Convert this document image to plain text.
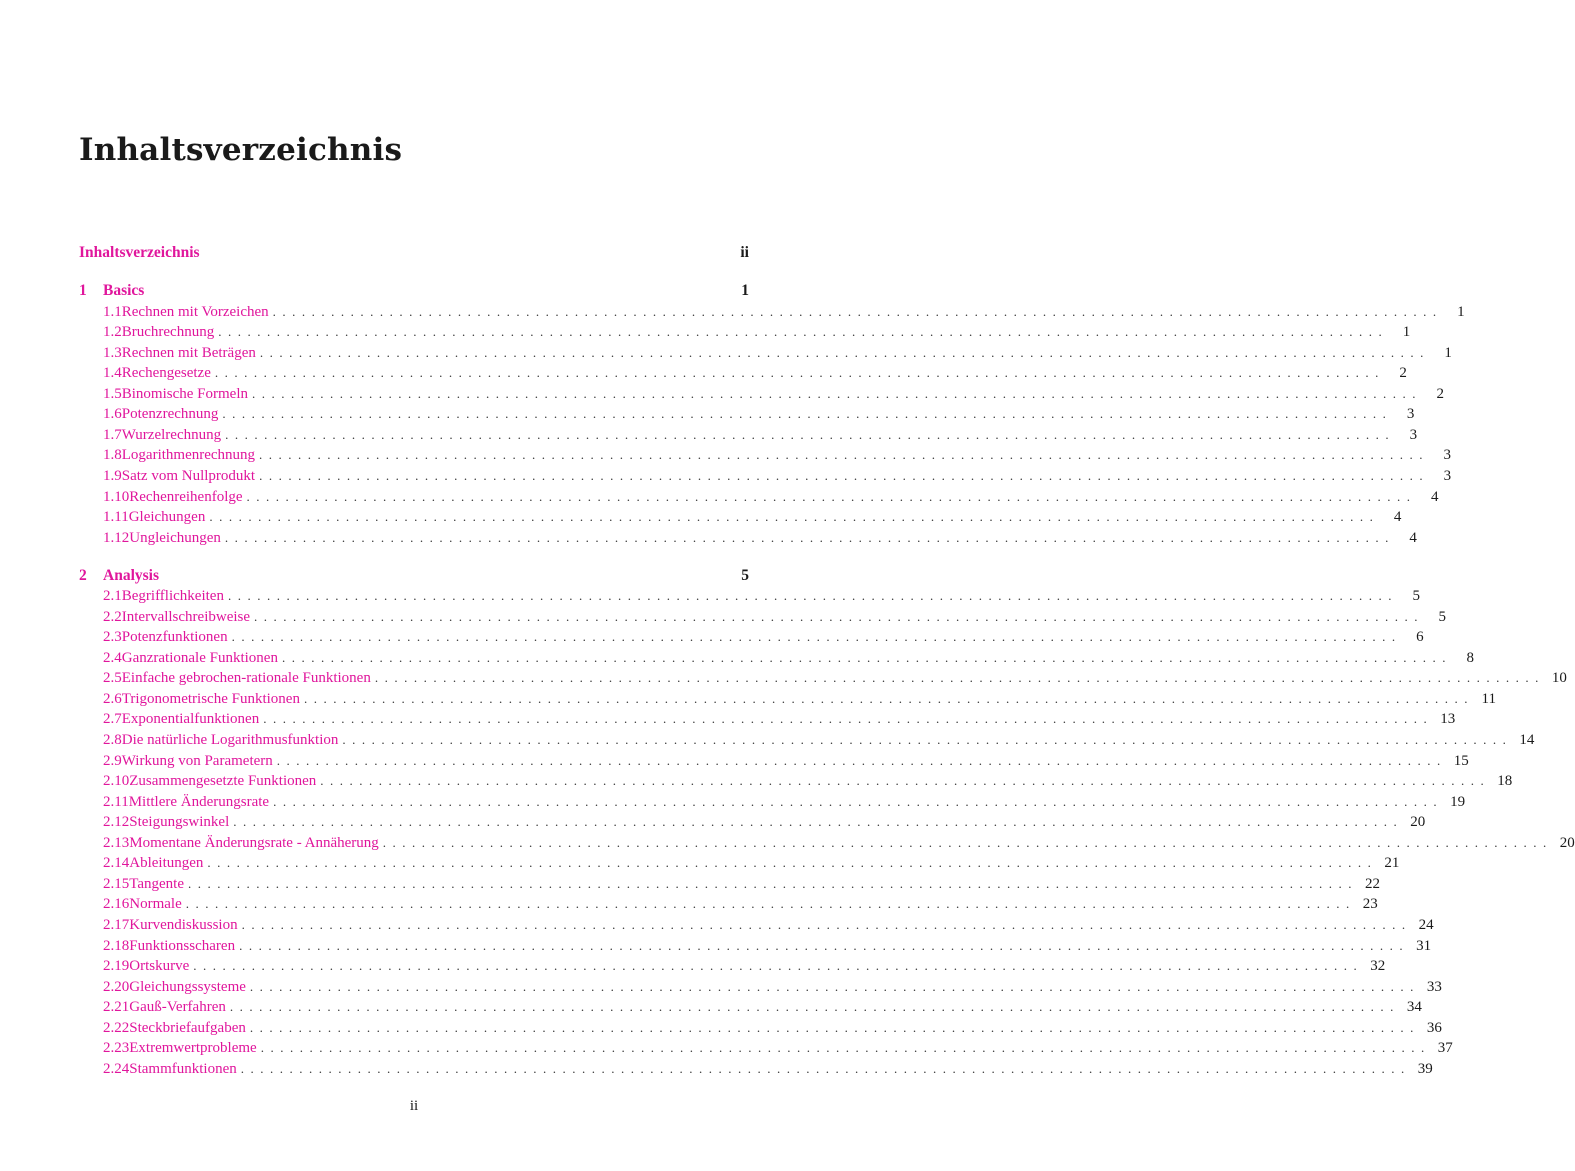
Inhaltsverzeichnis
Inhaltsverzeichnis	ii
1	Basics	1
1.1 Rechnen mit Vorzeichen ........................................................................................................................ 1
1.2 Bruchrechnung ........................................................................................................................ 1
1.3 Rechnen mit Beträgen ........................................................................................................................ 1
1.4 Rechengesetze ........................................................................................................................ 2
1.5 Binomische Formeln ........................................................................................................................ 2
1.6 Potenzrechnung ........................................................................................................................ 3
1.7 Wurzelrechnung ........................................................................................................................ 3
1.8 Logarithmenrechnung ........................................................................................................................ 3
1.9 Satz vom Nullprodukt ........................................................................................................................ 3
1.10 Rechenreihenfolge ........................................................................................................................ 4
1.11 Gleichungen ........................................................................................................................ 4
1.12 Ungleichungen ........................................................................................................................ 4
2	Analysis	5
2.1 Begrifflichkeiten ........................................................................................................................ 5
2.2 Intervallschreibweise ........................................................................................................................ 5
2.3 Potenzfunktionen ........................................................................................................................ 6
2.4 Ganzrationale Funktionen ........................................................................................................................ 8
2.5 Einfache gebrochen-rationale Funktionen ........................................................................................................................ 10
2.6 Trigonometrische Funktionen ........................................................................................................................ 11
2.7 Exponentialfunktionen ........................................................................................................................ 13
2.8 Die natürliche Logarithmusfunktion ........................................................................................................................ 14
2.9 Wirkung von Parametern ........................................................................................................................ 15
2.10 Zusammengesetzte Funktionen ........................................................................................................................ 18
2.11 Mittlere Änderungsrate ........................................................................................................................ 19
2.12 Steigungswinkel ........................................................................................................................ 20
2.13 Momentane Änderungsrate - Annäherung ........................................................................................................................ 20
2.14 Ableitungen ........................................................................................................................ 21
2.15 Tangente ........................................................................................................................ 22
2.16 Normale ........................................................................................................................ 23
2.17 Kurvendiskussion ........................................................................................................................ 24
2.18 Funktionsscharen ........................................................................................................................ 31
2.19 Ortskurve ........................................................................................................................ 32
2.20 Gleichungssysteme ........................................................................................................................ 33
2.21 Gauß-Verfahren ........................................................................................................................ 34
2.22 Steckbriefaufgaben ........................................................................................................................ 36
2.23 Extremwertprobleme ........................................................................................................................ 37
2.24 Stammfunktionen ........................................................................................................................ 39
ii
